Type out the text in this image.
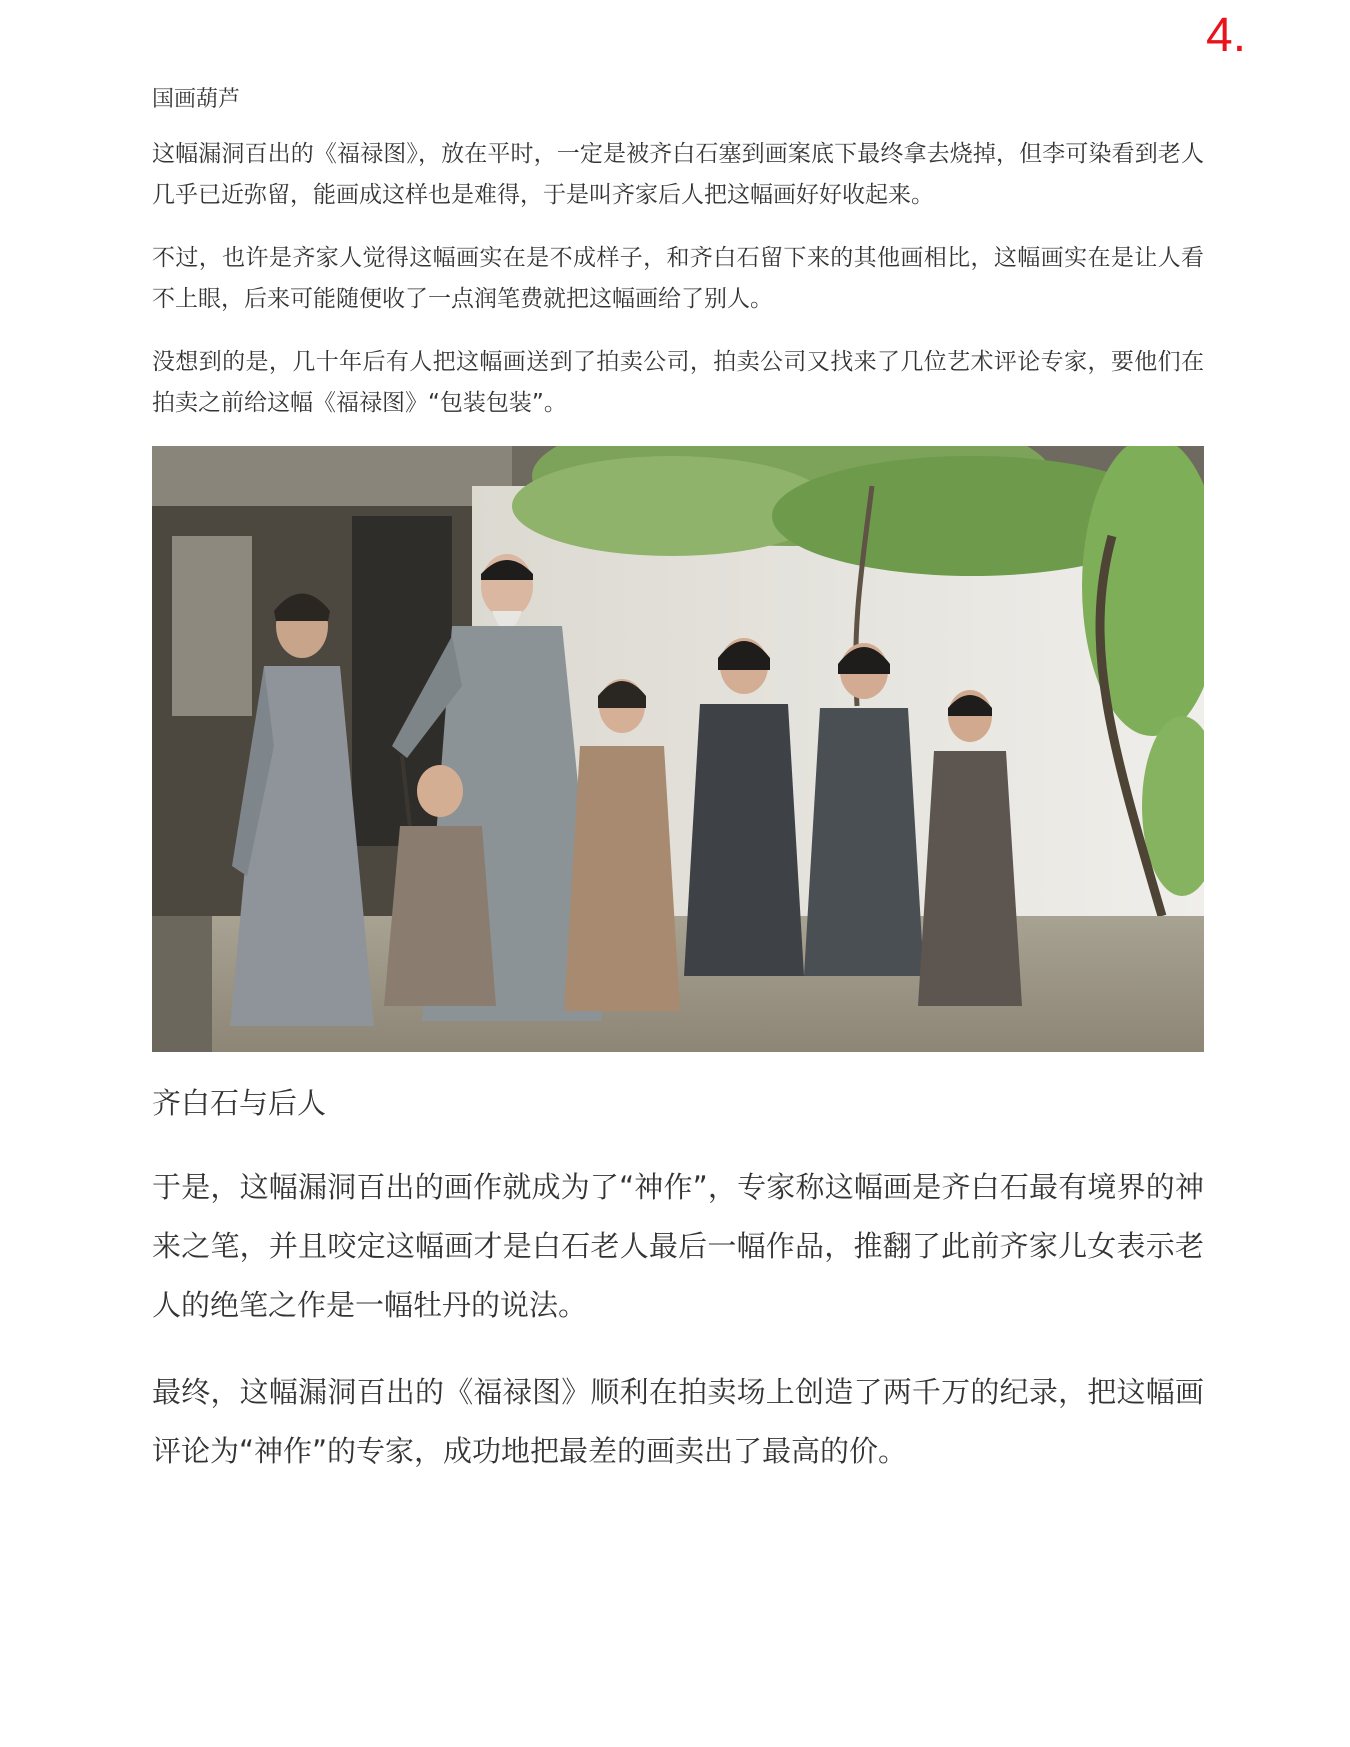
4.

国画葫芦

这幅漏洞百出的《福禄图》，放在平时，一定是被齐白石塞到画案底下最终拿去烧掉，但李可染看到老人几乎已近弥留，能画成这样也是难得，于是叫齐家后人把这幅画好好收起来。

不过，也许是齐家人觉得这幅画实在是不成样子，和齐白石留下来的其他画相比，这幅画实在是让人看不上眼，后来可能随便收了一点润笔费就把这幅画给了别人。

没想到的是，几十年后有人把这幅画送到了拍卖公司，拍卖公司又找来了几位艺术评论专家，要他们在拍卖之前给这幅《福禄图》“包装包装”。

齐白石与后人

于是，这幅漏洞百出的画作就成为了“神作”，专家称这幅画是齐白石最有境界的神来之笔，并且咬定这幅画才是白石老人最后一幅作品，推翻了此前齐家儿女表示老人的绝笔之作是一幅牡丹的说法。

最终，这幅漏洞百出的《福禄图》顺利在拍卖场上创造了两千万的纪录，把这幅画评论为“神作”的专家，成功地把最差的画卖出了最高的价。
